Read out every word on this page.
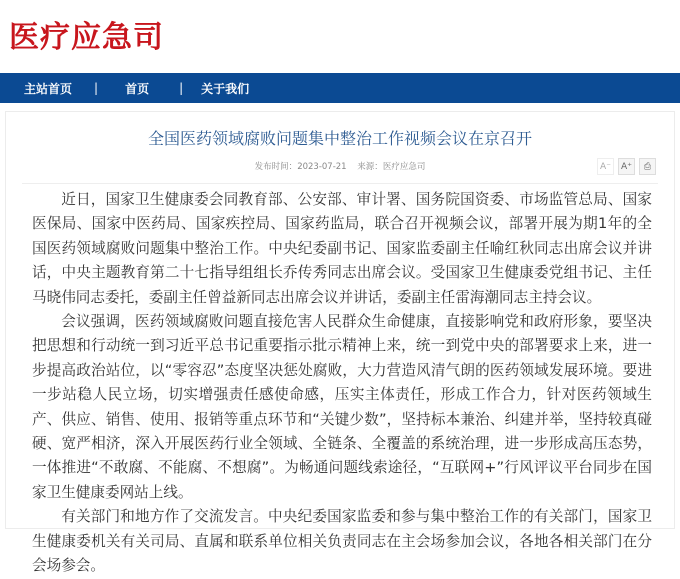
医疗应急司
主站首页 | 首页	| 关于我们
全国医药领域腐败问题集中整治工作视频会议在京召开
发布时间：2023-07-21 来源：医疗应急司	A⁻	A⁺	⎙

近日，国家卫生健康委会同教育部、公安部、审计署、国务院国资委、市场监管总局、国家医保局、国家中医药局、国家疾控局、国家药监局，联合召开视频会议，部署开展为期1年的全国医药领域腐败问题集中整治工作。中央纪委副书记、国家监委副主任喻红秋同志出席会议并讲话，中央主题教育第二十七指导组组长乔传秀同志出席会议。受国家卫生健康委党组书记、主任马晓伟同志委托，委副主任曾益新同志出席会议并讲话，委副主任雷海潮同志主持会议。

会议强调，医药领域腐败问题直接危害人民群众生命健康，直接影响党和政府形象，要坚决把思想和行动统一到习近平总书记重要指示批示精神上来，统一到党中央的部署要求上来，进一步提高政治站位，以“零容忍”态度坚决惩处腐败，大力营造风清气朗的医药领域发展环境。要进一步站稳人民立场，切实增强责任感使命感，压实主体责任，形成工作合力，针对医药领域生产、供应、销售、使用、报销等重点环节和“关键少数”，坚持标本兼治、纠建并举，坚持较真碰硬、宽严相济，深入开展医药行业全领域、全链条、全覆盖的系统治理，进一步形成高压态势，一体推进“不敢腐、不能腐、不想腐”。为畅通问题线索途径，“互联网+”行风评议平台同步在国家卫生健康委网站上线。

有关部门和地方作了交流发言。中央纪委国家监委和参与集中整治工作的有关部门，国家卫生健康委机关有关司局、直属和联系单位相关负责同志在主会场参加会议，各地各相关部门在分会场参会。
